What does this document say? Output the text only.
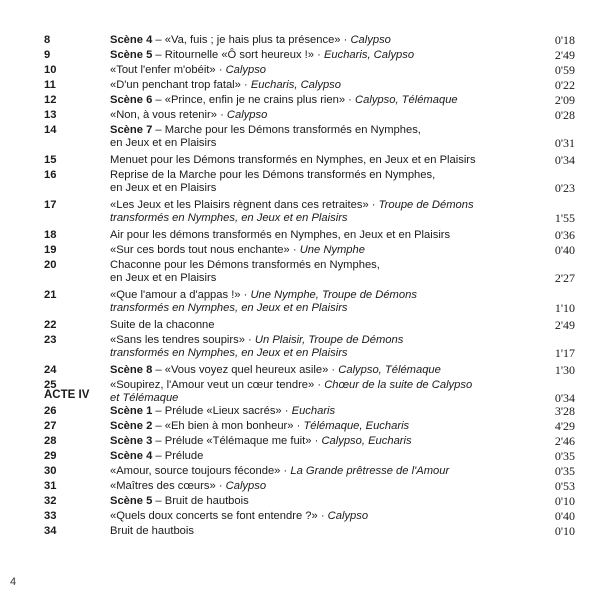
ACTE IV
8	Scène 4 – «Va, fuis ; je hais plus ta présence» · Calypso	0'18
9	Scène 5 – Ritournelle «Ô sort heureux !» · Eucharis, Calypso	2'49
10	«Tout l'enfer m'obéit» · Calypso	0'59
11	«D'un penchant trop fatal» · Eucharis, Calypso	0'22
12	Scène 6 – «Prince, enfin je ne crains plus rien» · Calypso, Télémaque	2'09
13	«Non, à vous retenir» · Calypso	0'28
14	Scène 7 – Marche pour les Démons transformés en Nymphes,
en Jeux et en Plaisirs	0'31
15	Menuet pour les Démons transformés en Nymphes, en Jeux et en Plaisirs	0'34
16	Reprise de la Marche pour les Démons transformés en Nymphes,
en Jeux et en Plaisirs	0'23
17	«Les Jeux et les Plaisirs règnent dans ces retraites» · Troupe de Démons
transformés en Nymphes, en Jeux et en Plaisirs	1'55
18	Air pour les démons transformés en Nymphes, en Jeux et en Plaisirs	0'36
19	«Sur ces bords tout nous enchante» · Une Nymphe	0'40
20	Chaconne pour les Démons transformés en Nymphes,
en Jeux et en Plaisirs	2'27
21	«Que l'amour a d'appas !» · Une Nymphe, Troupe de Démons
transformés en Nymphes, en Jeux et en Plaisirs	1'10
22	Suite de la chaconne	2'49
23	«Sans les tendres soupirs» · Un Plaisir, Troupe de Démons
transformés en Nymphes, en Jeux et en Plaisirs	1'17
24	Scène 8 – «Vous voyez quel heureux asile» · Calypso, Télémaque	1'30
25	«Soupirez, l'Amour veut un cœur tendre» · Chœur de la suite de Calypso
et Télémaque	0'34
26	Scène 1 – Prélude «Lieux sacrés» · Eucharis	3'28
27	Scène 2 – «Eh bien à mon bonheur» · Télémaque, Eucharis	4'29
28	Scène 3 – Prélude «Télémaque me fuit» · Calypso, Eucharis	2'46
29	Scène 4 – Prélude	0'35
30	«Amour, source toujours féconde» · La Grande prêtresse de l'Amour	0'35
31	«Maîtres des cœurs» · Calypso	0'53
32	Scène 5 – Bruit de hautbois	0'10
33	«Quels doux concerts se font entendre ?» · Calypso	0'40
34	Bruit de hautbois	0'10
4
